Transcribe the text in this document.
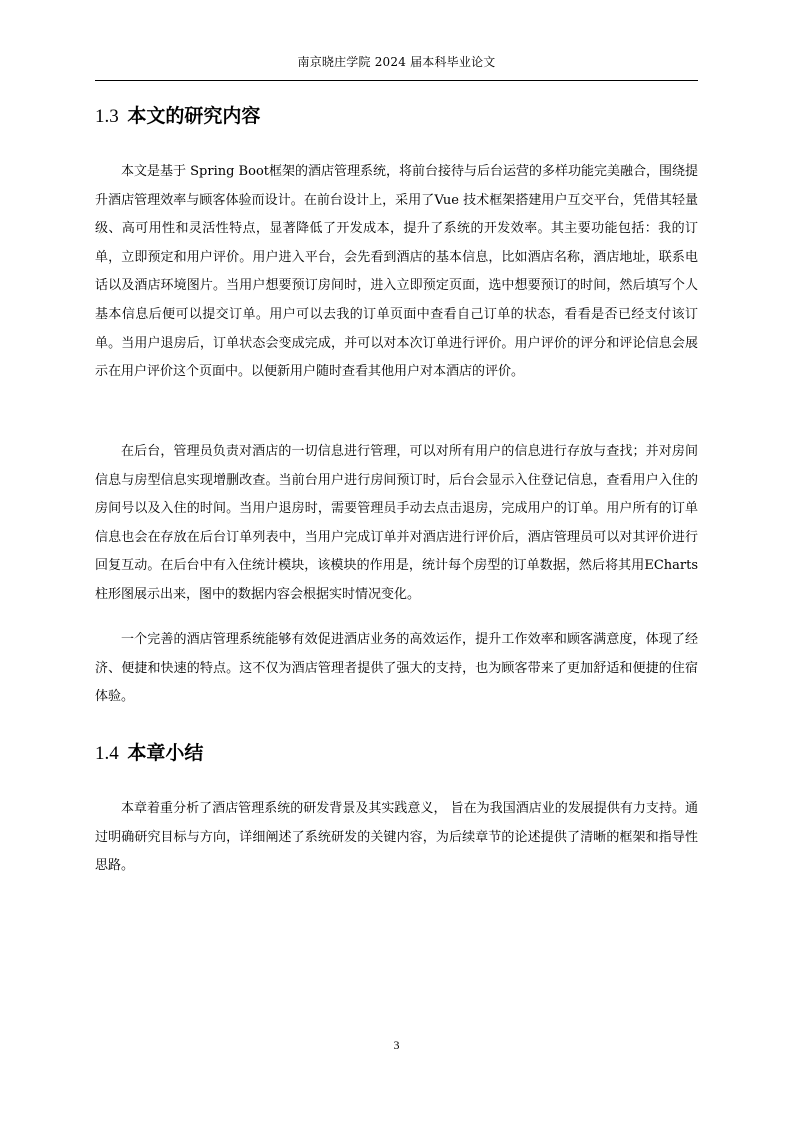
南京晓庄学院 2024 届本科毕业论文
1.3 本文的研究内容

本文是基于 Spring Boot框架的酒店管理系统，将前台接待与后台运营的多样功能完美融合，围绕提升酒店管理效率与顾客体验而设计。在前台设计上，采用了Vue 技术框架搭建用户互交平台，凭借其轻量级、高可用性和灵活性特点，显著降低了开发成本，提升了系统的开发效率。其主要功能包括：我的订单，立即预定和用户评价。用户进入平台，会先看到酒店的基本信息，比如酒店名称，酒店地址，联系电话以及酒店环境图片。当用户想要预订房间时，进入立即预定页面，选中想要预订的时间，然后填写个人基本信息后便可以提交订单。用户可以去我的订单页面中查看自己订单的状态，看看是否已经支付该订单。当用户退房后，订单状态会变成完成，并可以对本次订单进行评价。用户评价的评分和评论信息会展示在用户评价这个页面中。以便新用户随时查看其他用户对本酒店的评价。

在后台，管理员负责对酒店的一切信息进行管理，可以对所有用户的信息进行存放与查找；并对房间信息与房型信息实现增删改查。当前台用户进行房间预订时，后台会显示入住登记信息，查看用户入住的房间号以及入住的时间。当用户退房时，需要管理员手动去点击退房，完成用户的订单。用户所有的订单信息也会在存放在后台订单列表中，当用户完成订单并对酒店进行评价后，酒店管理员可以对其评价进行回复互动。在后台中有入住统计模块，该模块的作用是，统计每个房型的订单数据，然后将其用ECharts 柱形图展示出来，图中的数据内容会根据实时情况变化。

一个完善的酒店管理系统能够有效促进酒店业务的高效运作，提升工作效率和顾客满意度，体现了经济、便捷和快速的特点。这不仅为酒店管理者提供了强大的支持，也为顾客带来了更加舒适和便捷的住宿体验。

1.4 本章小结

本章着重分析了酒店管理系统的研发背景及其实践意义， 旨在为我国酒店业的发展提供有力支持。通过明确研究目标与方向，详细阐述了系统研发的关键内容，为后续章节的论述提供了清晰的框架和指导性思路。

3
